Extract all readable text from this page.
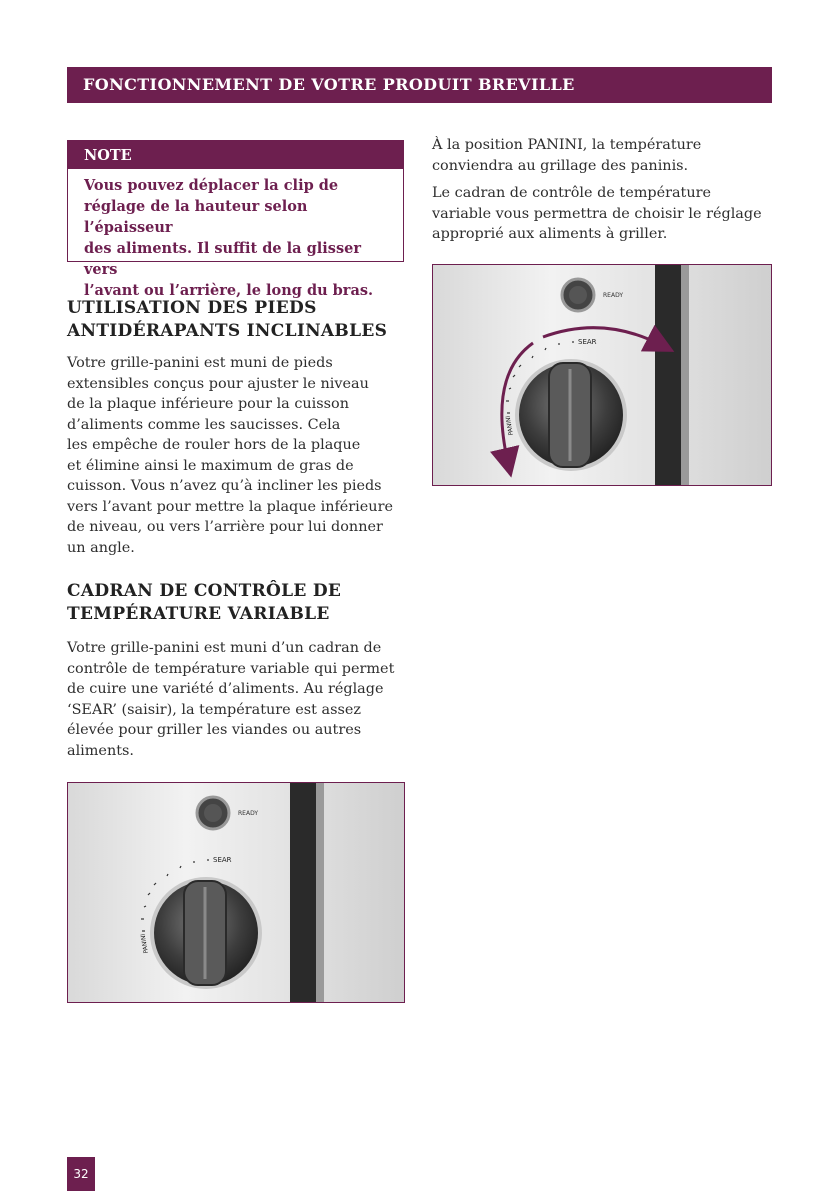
FONCTIONNEMENT DE VOTRE PRODUIT BREVILLE
NOTE
Vous pouvez déplacer la clip de
réglage de la hauteur selon l’épaisseur
des aliments. Il suffit de la glisser vers
l’avant ou l’arrière, le long du bras.
UTILISATION DES PIEDS
ANTIDÉRAPANTS INCLINABLES
Votre grille-panini est muni de pieds
extensibles conçus pour ajuster le niveau
de la plaque inférieure pour la cuisson
d’aliments comme les saucisses. Cela
les empêche de rouler hors de la plaque
et élimine ainsi le maximum de gras de
cuisson. Vous n’avez qu’à incliner les pieds
vers l’avant pour mettre la plaque inférieure
de niveau, ou vers l’arrière pour lui donner
un angle.
CADRAN DE CONTRÔLE DE
TEMPÉRATURE VARIABLE
Votre grille-panini est muni d’un cadran de
contrôle de température variable qui permet
de cuire une variété d’aliments. Au réglage
‘SEAR’ (saisir), la température est assez
élevée pour griller les viandes ou autres
aliments.
À la position PANINI, la température
conviendra au grillage des paninis.
Le cadran de contrôle de température
variable vous permettra de choisir le réglage
approprié aux aliments à griller.
READY
SEAR
PANINI
READY
SEAR
PANINI
32
